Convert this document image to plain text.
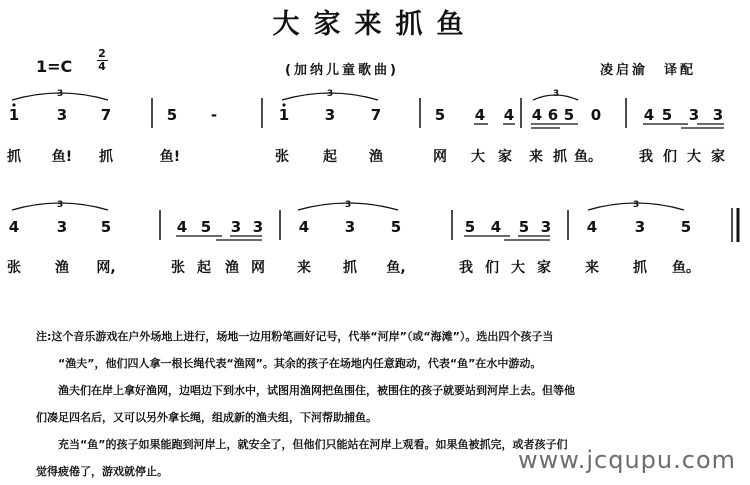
大家来抓鱼
1=C
2
4	(加纳儿童歌曲)	凌启渝　译配
1	3 7	5 -	1 3 7	5 4 4 4 6 5 0	4 5 3 3
3	3	3
抓 鱼! 抓	鱼!	张 起 渔	网 大 家 来 抓 鱼。	我 们 大 家
4	3 5	4 5 3 3 4 3 5	5 4 5 3 4	3 5
3	3	3
张 渔 网,	张 起 渔 网 来 抓 鱼,	我 们 大 家 来 抓 鱼。

注:这个音乐游戏在户外场地上进行，场地一边用粉笔画好记号，代举“河岸”（或“海滩”）。选出四个孩子当

“渔夫”，他们四人拿一根长绳代表“渔网”。其余的孩子在场地内任意跑动，代表“鱼”在水中游动。

渔夫们在岸上拿好渔网，边唱边下到水中，试图用渔网把鱼围住，被围住的孩子就要站到河岸上去。但等他

们凑足四名后，又可以另外拿长绳，组成新的渔夫组，下河帮助捕鱼。

充当“鱼”的孩子如果能跑到河岸上，就安全了，但他们只能站在河岸上观看。如果鱼被抓完，或者孩子们

觉得疲倦了，游戏就停止。	www.jcqupu.com
